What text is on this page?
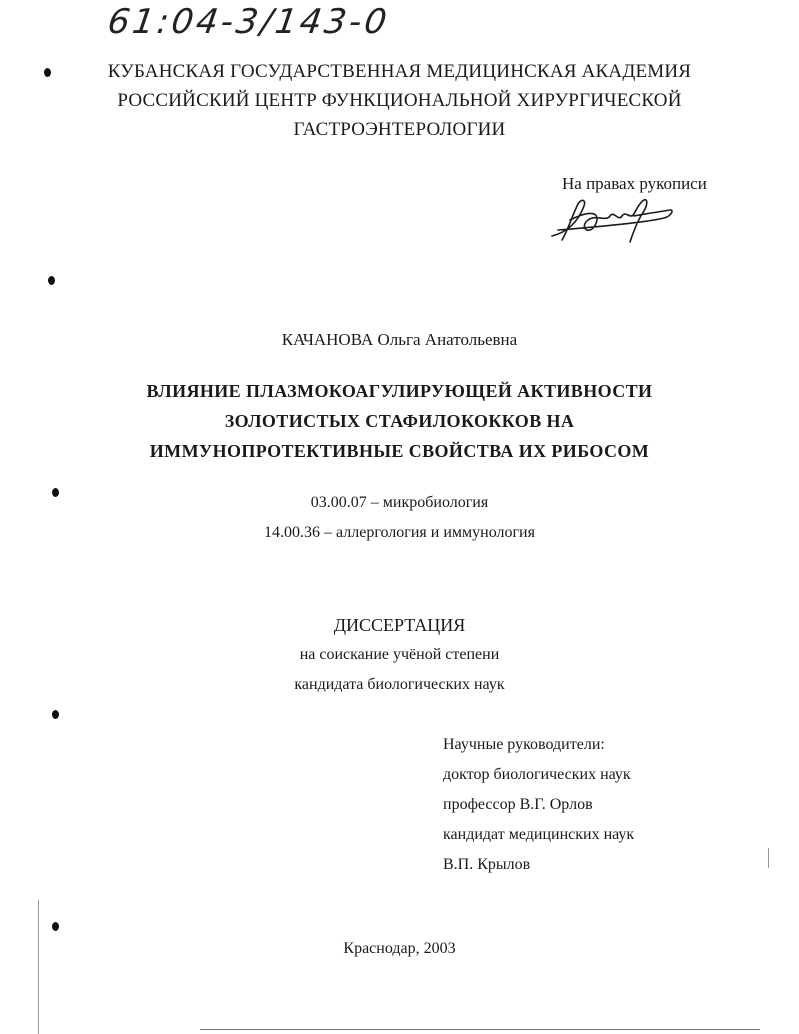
61:04-3/143-0
КУБАНСКАЯ ГОСУДАРСТВЕННАЯ МЕДИЦИНСКАЯ АКАДЕМИЯ
РОССИЙСКИЙ ЦЕНТР ФУНКЦИОНАЛЬНОЙ ХИРУРГИЧЕСКОЙ
ГАСТРОЭНТЕРОЛОГИИ
На правах рукописи
КАЧАНОВА Ольга Анатольевна
ВЛИЯНИЕ ПЛАЗМОКОАГУЛИРУЮЩЕЙ АКТИВНОСТИ
ЗОЛОТИСТЫХ СТАФИЛОКОККОВ НА
ИММУНОПРОТЕКТИВНЫЕ СВОЙСТВА ИХ РИБОСОМ
03.00.07 – микробиология
14.00.36 – аллергология и иммунология
ДИССЕРТАЦИЯ
на соискание учёной степени
кандидата биологических наук
Научные руководители:
доктор биологических наук
профессор В.Г. Орлов
кандидат медицинских наук
В.П. Крылов
Краснодар, 2003
